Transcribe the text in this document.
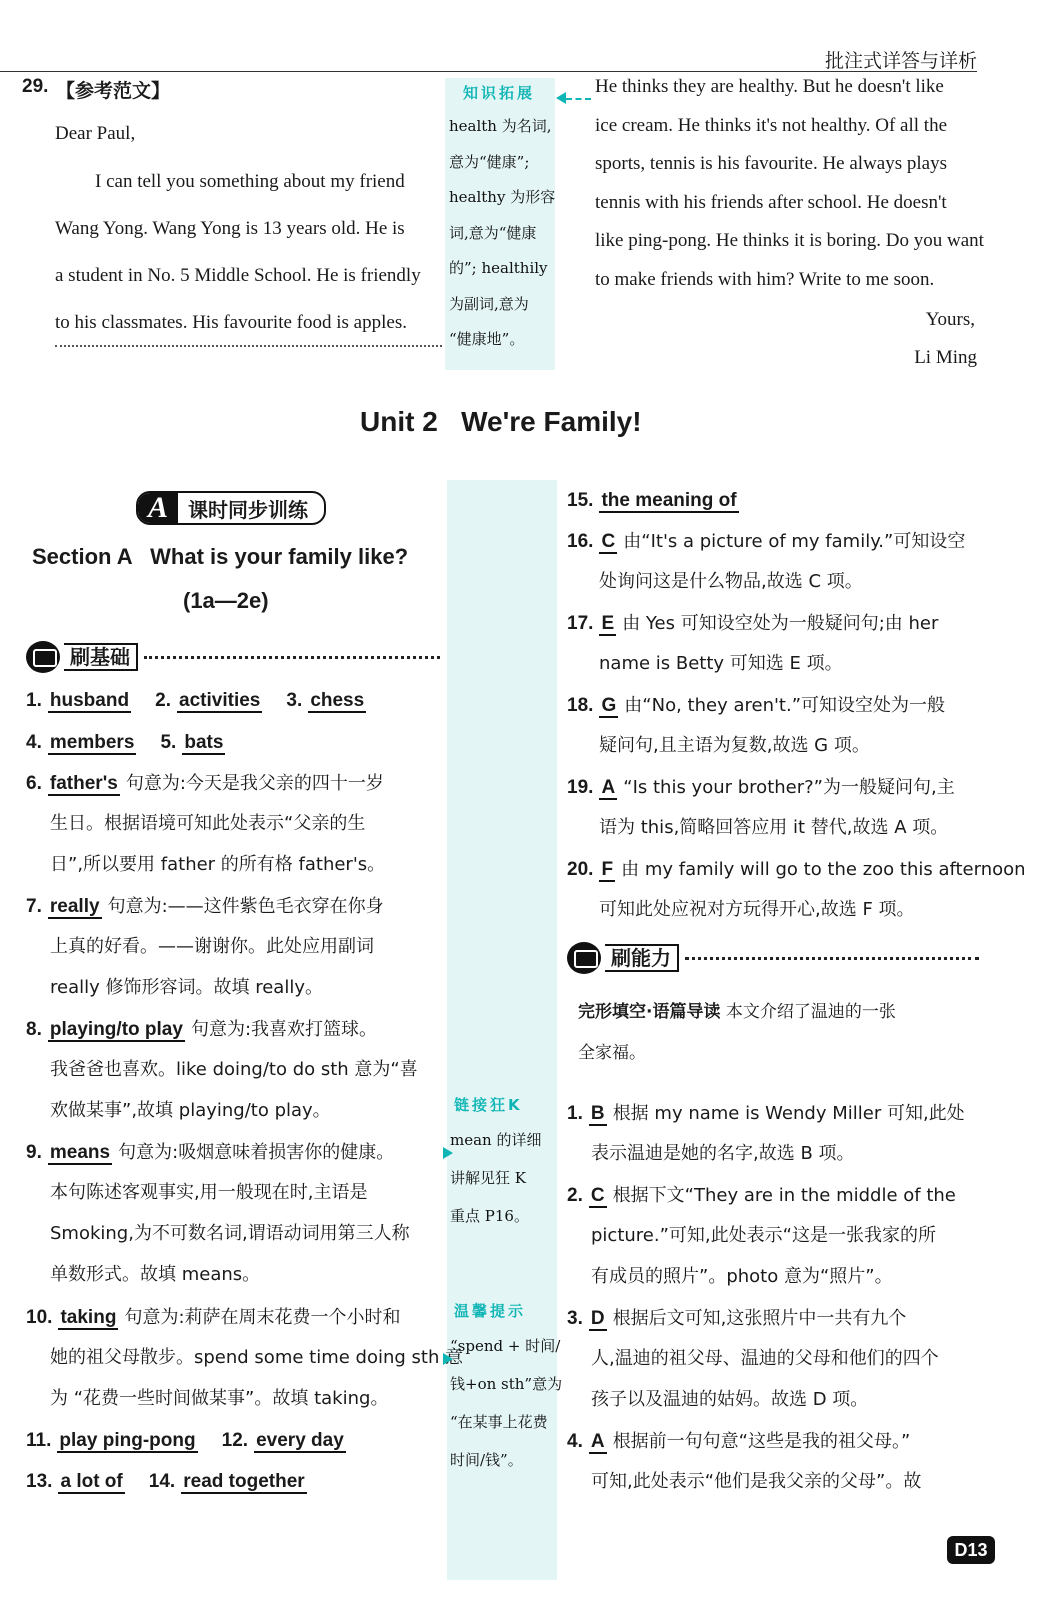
批注式详答与详析
29. 【参考范文】
Dear Paul,
I can tell you something about my friend
Wang Yong. Wang Yong is 13 years old. He is
a student in No. 5 Middle School. He is friendly
to his classmates. His favourite food is apples.
He thinks they are healthy. But he doesn't like
ice cream. He thinks it's not healthy. Of all the
sports, tennis is his favourite. He always plays
tennis with his friends after school. He doesn't
like ping-pong. He thinks it is boring. Do you want
to make friends with him? Write to me soon.
Yours,
Li Ming
知识拓展
health 为名词,
意为“健康”;
healthy 为形容
词,意为“健康
的”; healthily
为副词,意为
“健康地”。
Unit 2   We're Family!
A	课时同步训练
Section A   What is your family like?
(1a—2e)
刷基础
1. husband 2. activities 3. chess
4. members 5. bats
6. father's 句意为:今天是我父亲的四十一岁
生日。根据语境可知此处表示“父亲的生
日”,所以要用 father 的所有格 father's。
7. really 句意为:——这件紫色毛衣穿在你身
上真的好看。——谢谢你。此处应用副词
really 修饰形容词。故填 really。
8. playing/to play 句意为:我喜欢打篮球。
我爸爸也喜欢。like doing/to do sth 意为“喜
欢做某事”,故填 playing/to play。
9. means 句意为:吸烟意味着损害你的健康。
本句陈述客观事实,用一般现在时,主语是
Smoking,为不可数名词,谓语动词用第三人称
单数形式。故填 means。
10. taking 句意为:莉萨在周末花费一个小时和
她的祖父母散步。spend some time doing sth 意
为 “花费一些时间做某事”。故填 taking。
11. play ping-pong 12. every day
13. a lot of 14. read together
链接狂K
mean 的详细
讲解见狂 K
重点 P16。
温馨提示
“spend + 时间/
钱+on sth”意为
“在某事上花费
时间/钱”。
15. the meaning of
16. C 由“It's a picture of my family.”可知设空
处询问这是什么物品,故选 C 项。
17. E 由 Yes 可知设空处为一般疑问句;由 her
name is Betty 可知选 E 项。
18. G 由“No, they aren't.”可知设空处为一般
疑问句,且主语为复数,故选 G 项。
19. A “Is this your brother?”为一般疑问句,主
语为 this,简略回答应用 it 替代,故选 A 项。
20. F 由 my family will go to the zoo this afternoon
可知此处应祝对方玩得开心,故选 F 项。
刷能力
完形填空·语篇导读 本文介绍了温迪的一张
全家福。
1. B 根据 my name is Wendy Miller 可知,此处
表示温迪是她的名字,故选 B 项。
2. C 根据下文“They are in the middle of the
picture.”可知,此处表示“这是一张我家的所
有成员的照片”。photo 意为“照片”。
3. D 根据后文可知,这张照片中一共有九个
人,温迪的祖父母、温迪的父母和他们的四个
孩子以及温迪的姑妈。故选 D 项。
4. A 根据前一句句意“这些是我的祖父母。”
可知,此处表示“他们是我父亲的父母”。故
D13
